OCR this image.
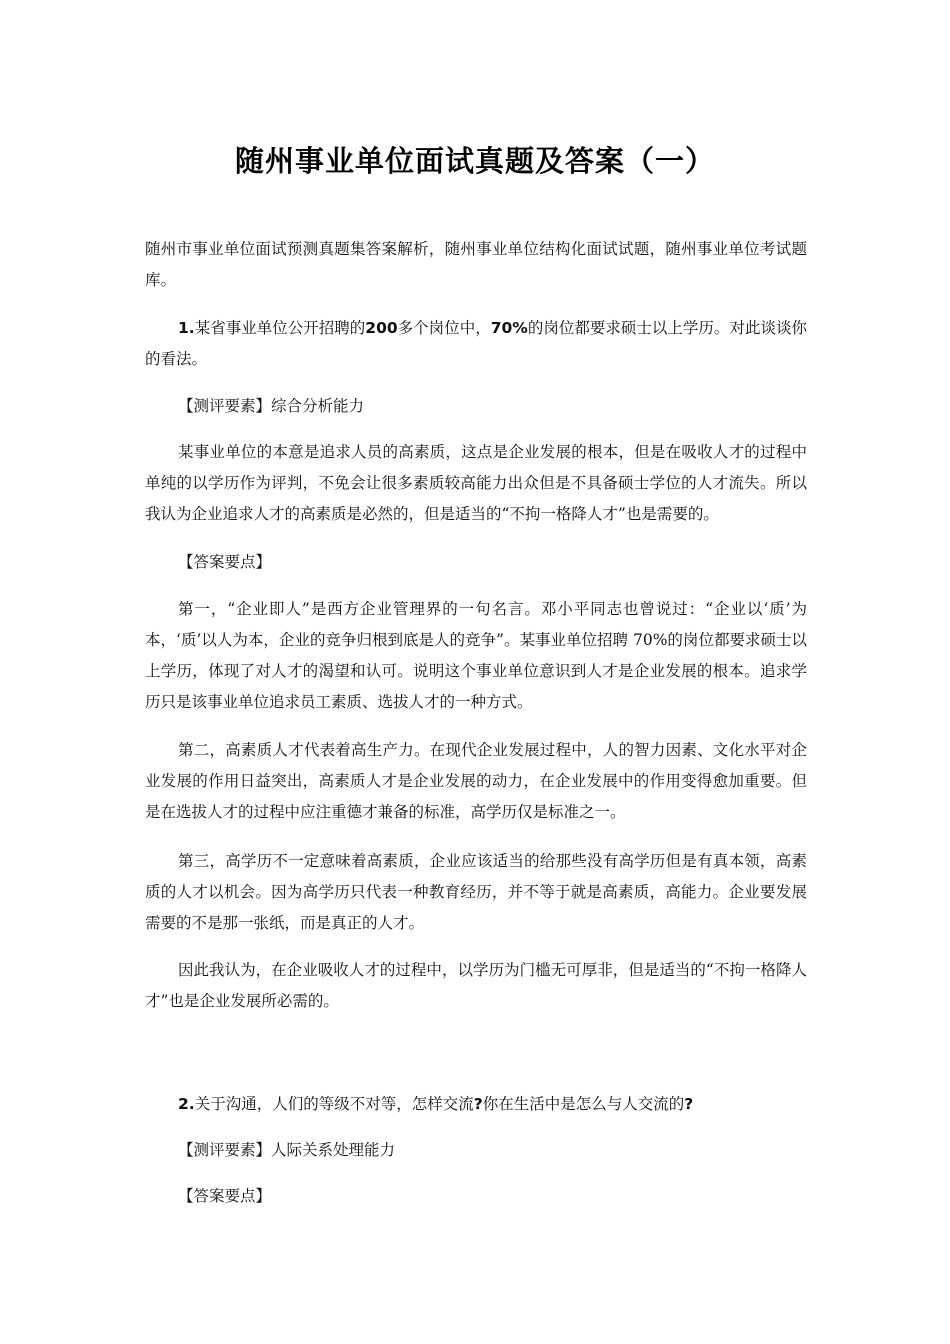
随州事业单位面试真题及答案（一）

随州市事业单位面试预测真题集答案解析，随州事业单位结构化面试试题，随州事业单位考试题库。

1.某省事业单位公开招聘的200多个岗位中，70%的岗位都要求硕士以上学历。对此谈谈你的看法。

【测评要素】综合分析能力

某事业单位的本意是追求人员的高素质，这点是企业发展的根本，但是在吸收人才的过程中单纯的以学历作为评判，不免会让很多素质较高能力出众但是不具备硕士学位的人才流失。所以我认为企业追求人才的高素质是必然的，但是适当的“不拘一格降人才”也是需要的。

【答案要点】

第一，“企业即人”是西方企业管理界的一句名言。邓小平同志也曾说过：“企业以‘质’为本，‘质’以人为本，企业的竞争归根到底是人的竞争”。某事业单位招聘 70%的岗位都要求硕士以上学历，体现了对人才的渴望和认可。说明这个事业单位意识到人才是企业发展的根本。追求学历只是该事业单位追求员工素质、选拔人才的一种方式。

第二，高素质人才代表着高生产力。在现代企业发展过程中，人的智力因素、文化水平对企业发展的作用日益突出，高素质人才是企业发展的动力，在企业发展中的作用变得愈加重要。但是在选拔人才的过程中应注重德才兼备的标准，高学历仅是标准之一。

第三，高学历不一定意味着高素质，企业应该适当的给那些没有高学历但是有真本领，高素质的人才以机会。因为高学历只代表一种教育经历，并不等于就是高素质，高能力。企业要发展需要的不是那一张纸，而是真正的人才。

因此我认为，在企业吸收人才的过程中，以学历为门槛无可厚非，但是适当的“不拘一格降人才”也是企业发展所必需的。

2.关于沟通，人们的等级不对等，怎样交流?你在生活中是怎么与人交流的?

【测评要素】人际关系处理能力

【答案要点】
